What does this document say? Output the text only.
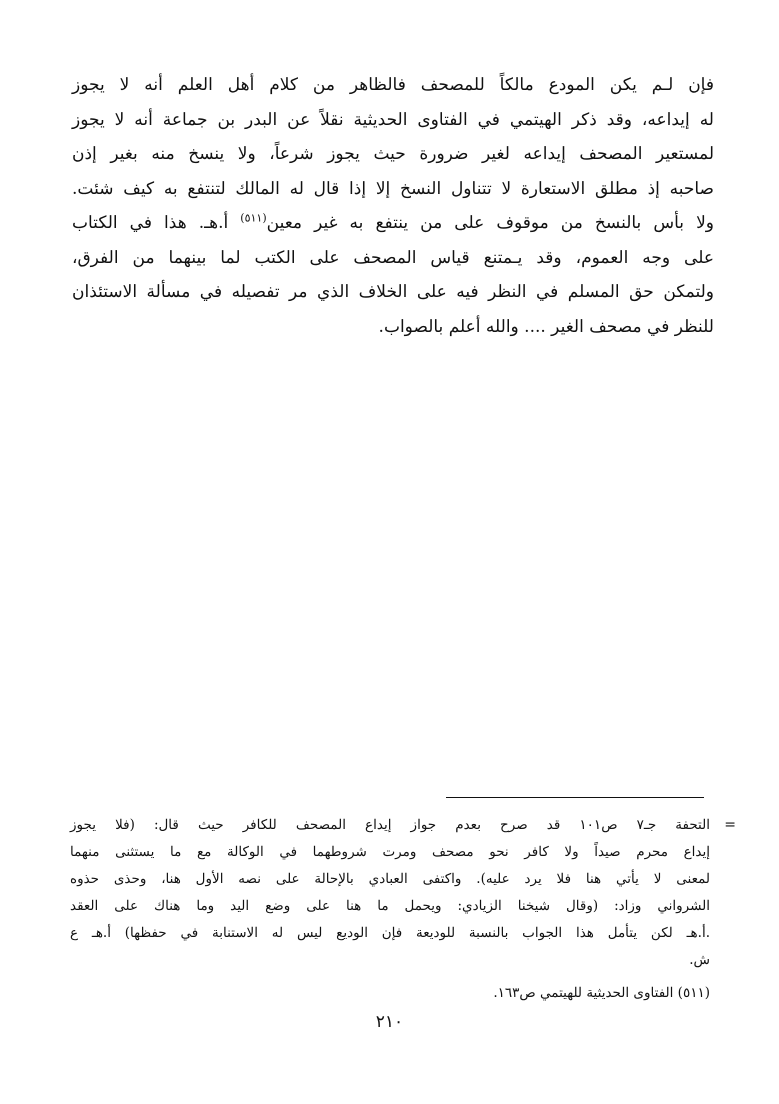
فإن لـم يكن المودع مالكاً للمصحف فالظاهر من كلام أهل العلم أنه لا يجوز
له إيداعه، وقد ذكر الهيتمي في الفتاوى الحديثية نقلاً عن البدر بن جماعة أنه لا يجوز
لمستعير المصحف إيداعه لغير ضرورة حيث يجوز شرعاً، ولا ينسخ منه بغير إذن
صاحبه إذ مطلق الاستعارة لا تتناول النسخ إلا إذا قال له المالك لتنتفع به كيف شئت.
ولا بأس بالنسخ من موقوف على من ينتفع به غير معين$^{(٥١١)}$ أ.هـ. هذا في الكتاب
على وجه العموم، وقد يـمتنع قياس المصحف على الكتب لما بينهما من الفرق،
ولتمكن حق المسلم في النظر فيه على الخلاف الذي مر تفصيله في مسألة الاستئذان
للنظر في مصحف الغير .... والله أعلم بالصواب.
=
التحفة جـ٧ ص١٠١ قد صرح بعدم جواز إيداع المصحف للكافر حيث قال: (فلا يجوز
إيداع محرم صيداً ولا كافر نحو مصحف ومرت شروطهما في الوكالة مع ما يستثنى منهما
لمعنى لا يأتي هنا فلا يرد عليه). واكتفى العبادي بالإحالة على نصه الأول هنا، وحذى حذوه
الشرواني وزاد: (وقال شيخنا الزيادي: ويحمل ما هنا على وضع اليد وما هناك على العقد
.أ.هـ لكن يتأمل هذا الجواب بالنسبة للوديعة فإن الوديع ليس له الاستنابة في حفظها) أ.هـ ع
ش.
(٥١١) الفتاوى الحديثية للهيتمي ص١٦٣.
٢١٠
